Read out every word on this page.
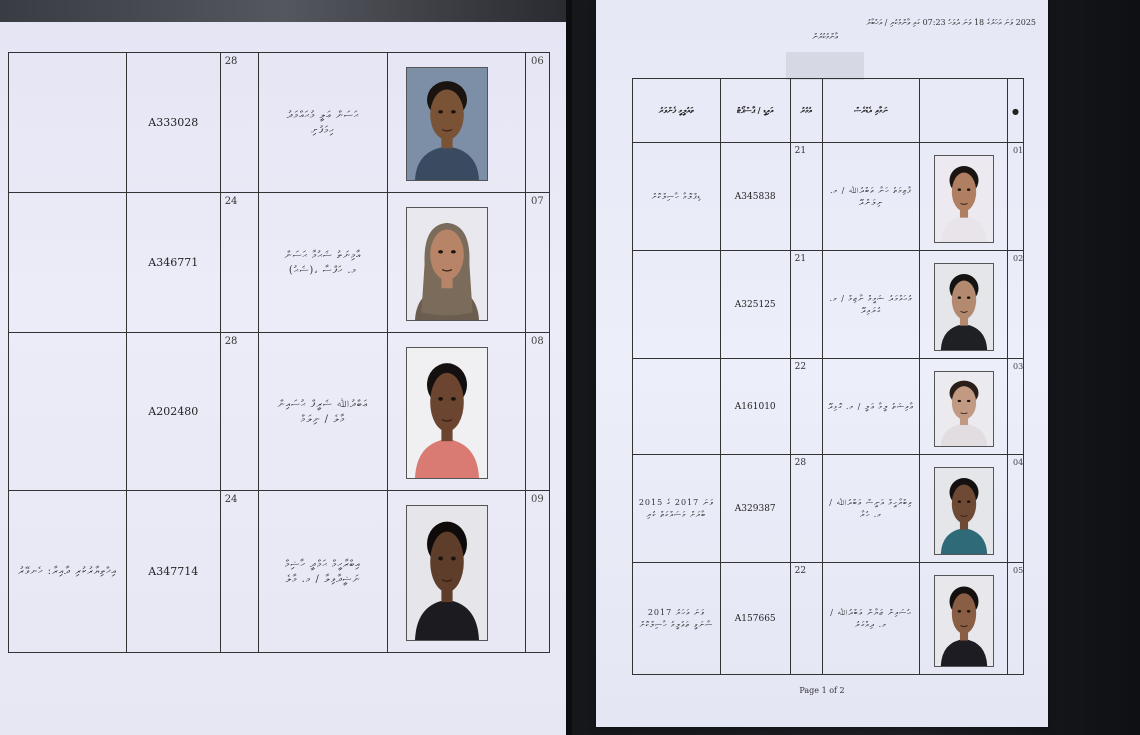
	A333028	28	ޙަސަން ޢަލީ މުޙައްމަދު
ހިމަފުށި		06

	A346771	24	އާމިނަތު ޝަޙުމާ ޙަސަން
(ޝަޙު)، މ. ހަފްސާ		07

	A202480	28	ޢަބްދުﷲ ޝަރީފް ޙުސައިން
މާލެ / ނިލަމް		08

އިޚްތިޔާރުކުރި ދާއިރާ: ހެނވޭރު	A347714	24	އިބްރާހީމް ޙަމްދީ ހާޝިމް
ނަޝީދާވިލާ / މ. މާލެ		09
2025 ވަނަ އަހަރުގެ 18 ވަނަ ދުވަހު 07:23 ގައި ޢާންމުކުރި / އަޚްބާރު
ޢާންމުކުރުން
ތައުލީމީ ފެންވަރު	އައިޑީ / ޕާސްޕޯޓް	އުމުރު	ނަމާއި އެޑްރެސް		●

ޑިޕްލޮމާ ހާސިލްކޮށް	A345838	21	ފާޠިމަތު ހަނާ ޢަބްދުﷲ / މ. ނިލަންދޫ		01

	A325125	21	މުޙައްމަދު ޝަމީމް ނާޒިމް / މ. ގުރައިދޫ		02

	A161010	22	ޢާއިޝަތު ލީމާ ޢަލީ / މ. ގޮޅިދޫ		03

2015 ވަނަ 2017 ގެ ބާރަށް މަސައްކަތް ކުރި	A329387	28	އިބްރާހީމް އަނީސް ޢަބްދުﷲ / މ. ހުރާ		04

2017 ވަނަ އަހަރު ސާނަވީ ތަޢުލީމު ހާސިލްކޮށް	A157665	22	ޙުސައިން ޒަޔާން ޢަބްދުﷲ / މ. ދިއްގަރު		05
Page 1 of 2
